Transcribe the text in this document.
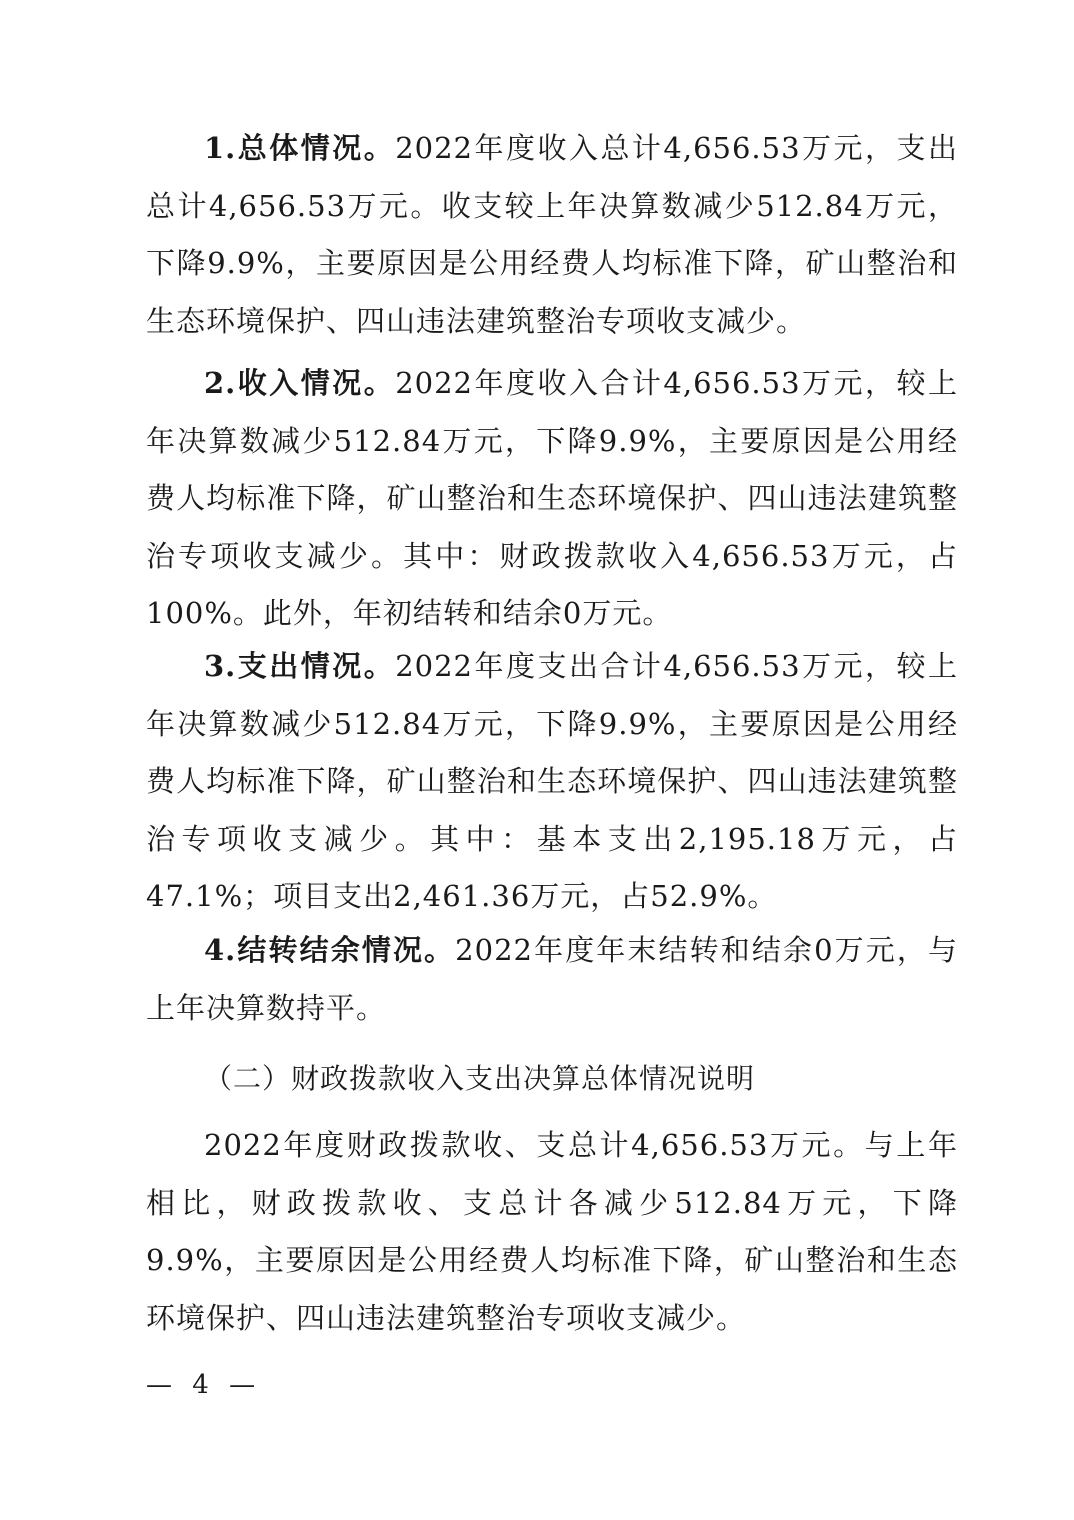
1.总体情况。2022年度收入总计4,656.53万元，支出总计4,656.53万元。收支较上年决算数减少512.84万元，下降9.9%，主要原因是公用经费人均标准下降，矿山整治和生态环境保护、四山违法建筑整治专项收支减少。

2.收入情况。2022年度收入合计4,656.53万元，较上年决算数减少512.84万元，下降9.9%，主要原因是公用经费人均标准下降，矿山整治和生态环境保护、四山违法建筑整治专项收支减少。其中：财政拨款收入4,656.53万元，占100%。此外，年初结转和结余0万元。

3.支出情况。2022年度支出合计4,656.53万元，较上年决算数减少512.84万元，下降9.9%，主要原因是公用经费人均标准下降，矿山整治和生态环境保护、四山违法建筑整治专项收支减少。其中：基本支出2,195.18万元，占47.1%；项目支出2,461.36万元，占52.9%。

4.结转结余情况。2022年度年末结转和结余0万元，与上年决算数持平。

（二）财政拨款收入支出决算总体情况说明

2022年度财政拨款收、支总计4,656.53万元。与上年相比，财政拨款收、支总计各减少512.84万元，下降9.9%，主要原因是公用经费人均标准下降，矿山整治和生态环境保护、四山违法建筑整治专项收支减少。

— 4 —
